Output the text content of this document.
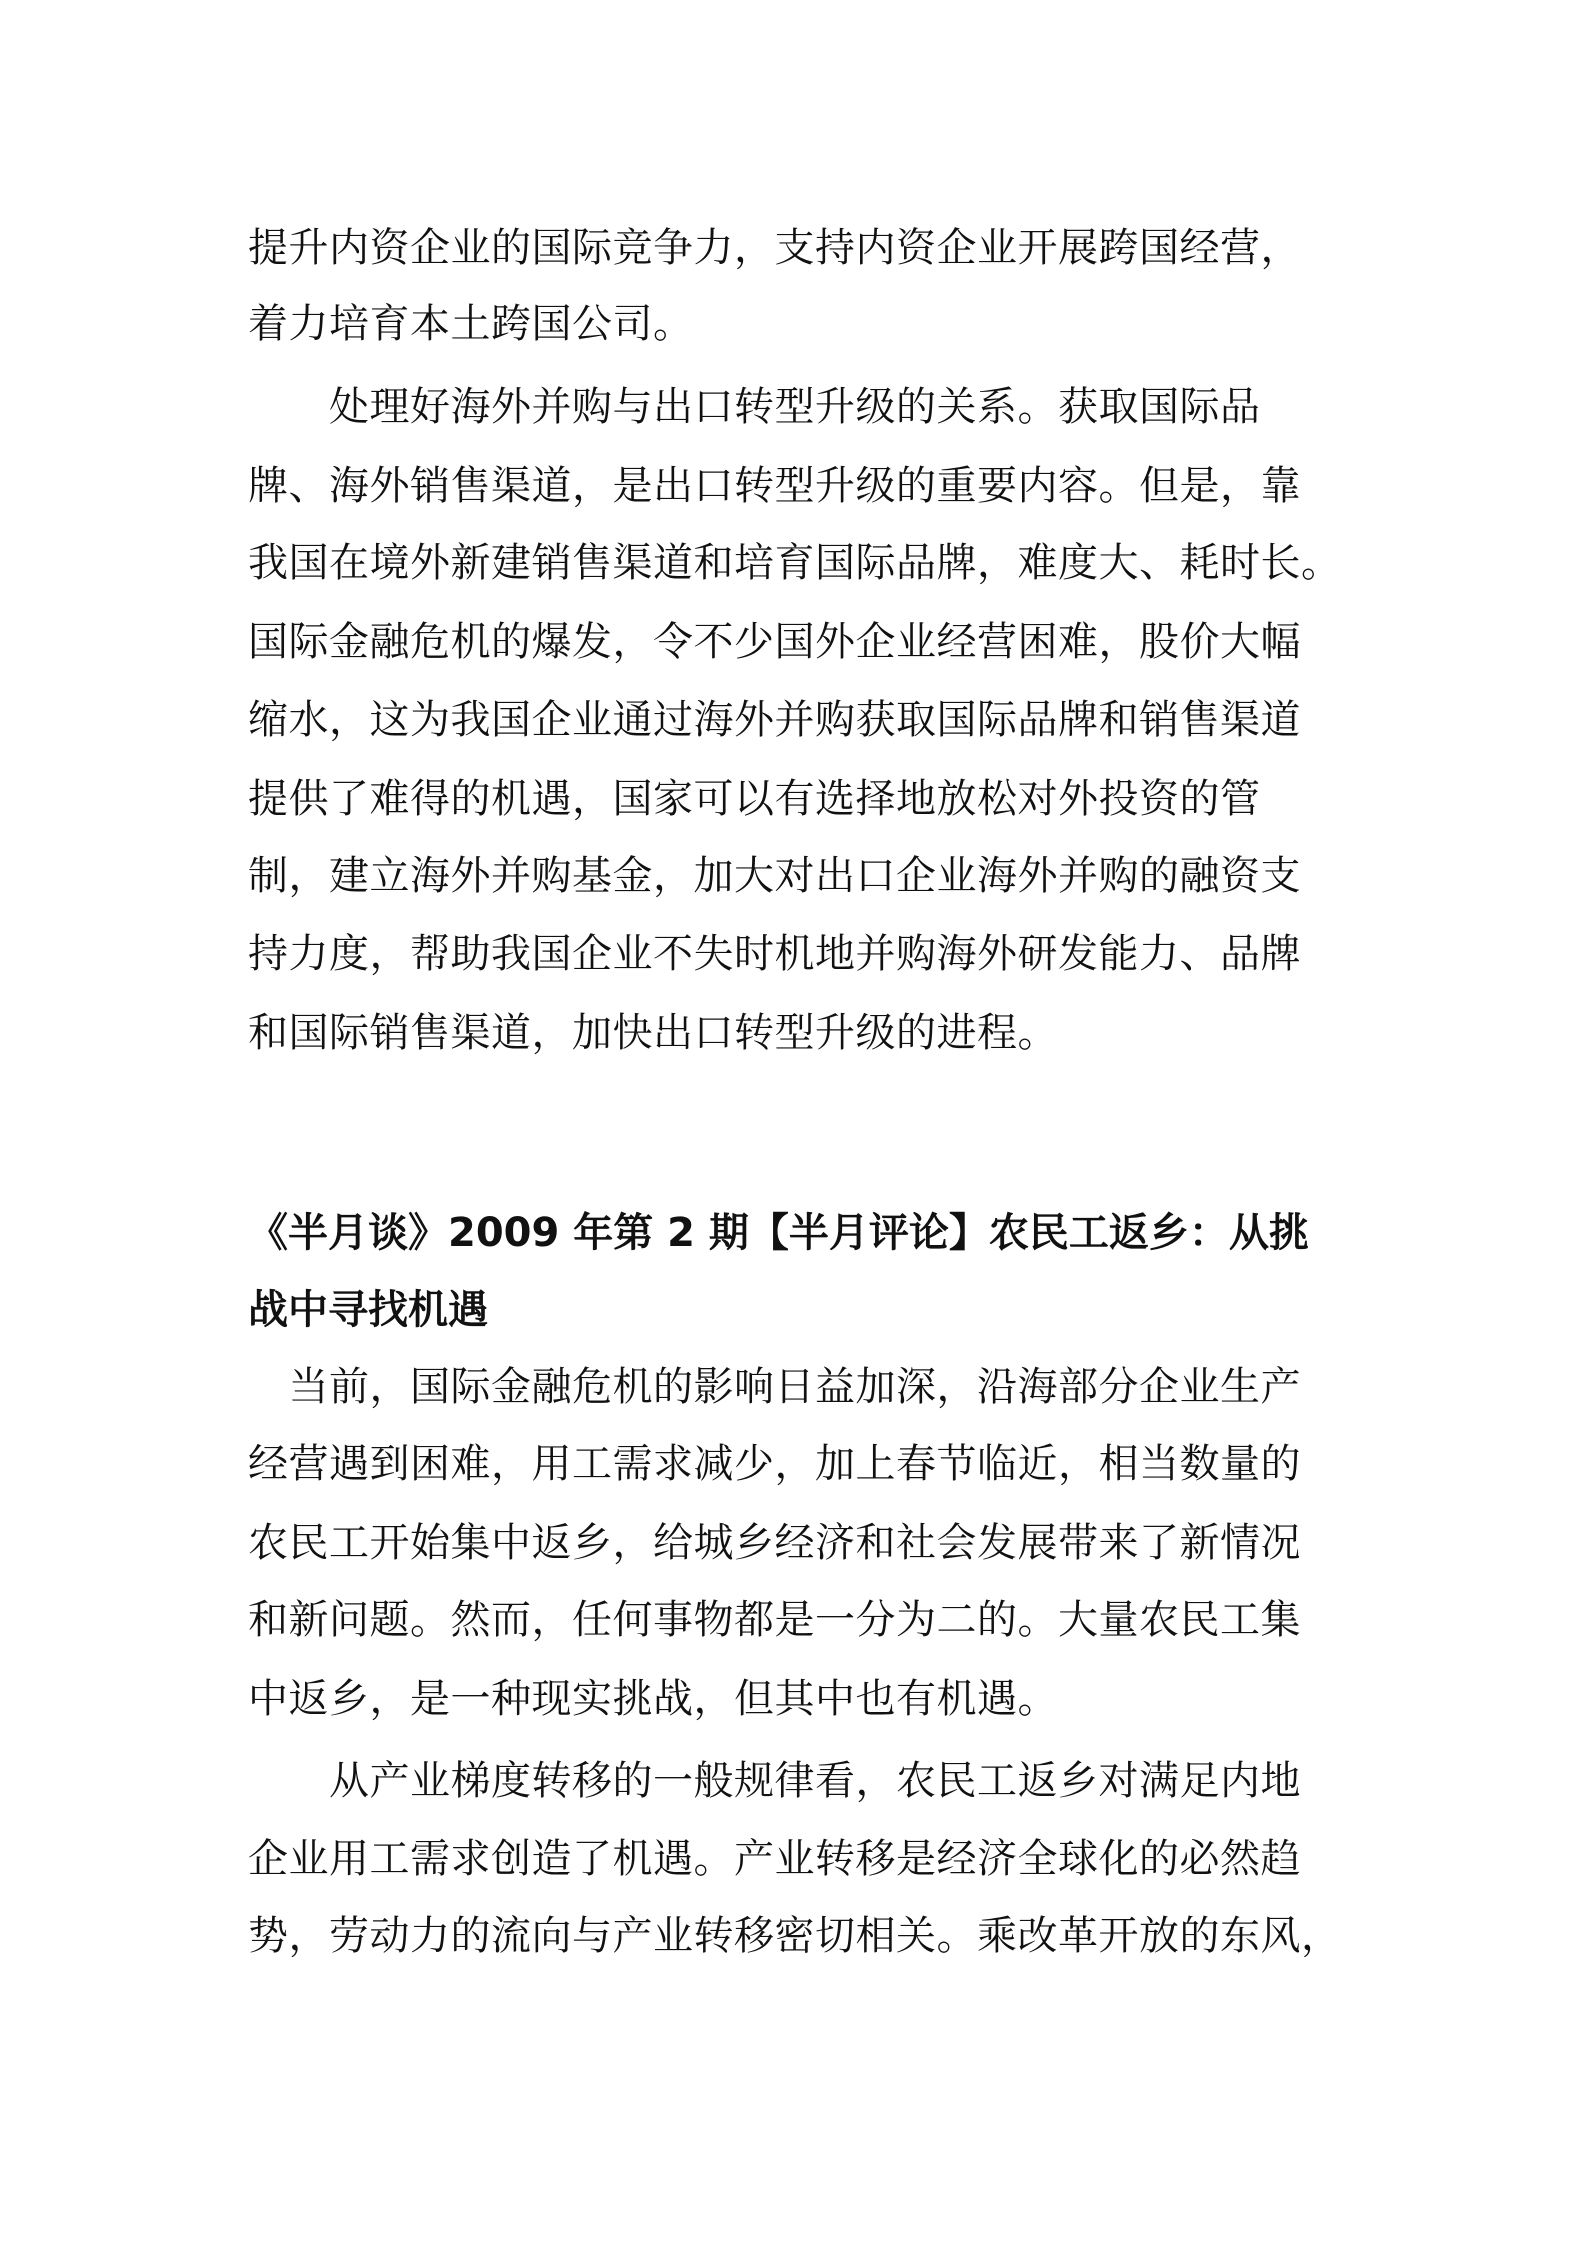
提升内资企业的国际竞争力，支持内资企业开展跨国经营，
着力培育本土跨国公司。
　　处理好海外并购与出口转型升级的关系。获取国际品
牌、海外销售渠道，是出口转型升级的重要内容。但是，靠
我国在境外新建销售渠道和培育国际品牌，难度大、耗时长。
国际金融危机的爆发，令不少国外企业经营困难，股价大幅
缩水，这为我国企业通过海外并购获取国际品牌和销售渠道
提供了难得的机遇，国家可以有选择地放松对外投资的管
制，建立海外并购基金，加大对出口企业海外并购的融资支
持力度，帮助我国企业不失时机地并购海外研发能力、品牌
和国际销售渠道，加快出口转型升级的进程。
《半月谈》2009 年第 2 期【半月评论】农民工返乡：从挑
战中寻找机遇
　当前，国际金融危机的影响日益加深，沿海部分企业生产
经营遇到困难，用工需求减少，加上春节临近，相当数量的
农民工开始集中返乡，给城乡经济和社会发展带来了新情况
和新问题。然而，任何事物都是一分为二的。大量农民工集
中返乡，是一种现实挑战，但其中也有机遇。
　　从产业梯度转移的一般规律看，农民工返乡对满足内地
企业用工需求创造了机遇。产业转移是经济全球化的必然趋
势，劳动力的流向与产业转移密切相关。乘改革开放的东风，
